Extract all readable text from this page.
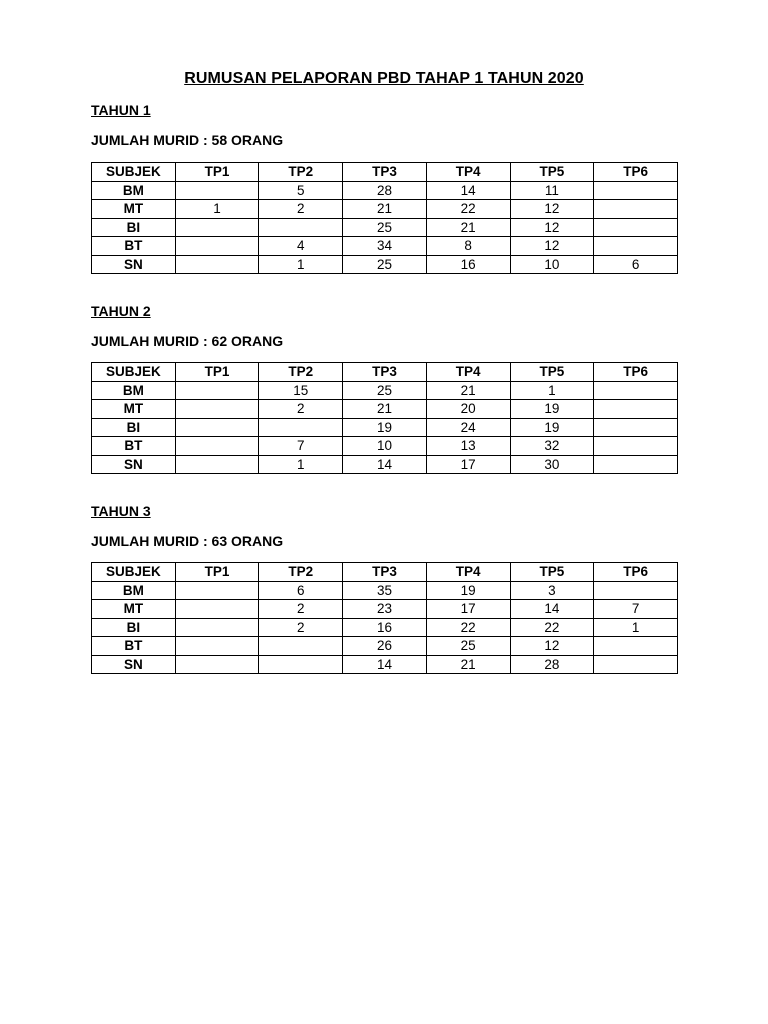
RUMUSAN PELAPORAN PBD TAHAP 1 TAHUN 2020
TAHUN 1
JUMLAH MURID : 58 ORANG
SUBJEK	TP1	TP2	TP3	TP4	TP5	TP6
BM		5	28	14	11	
MT	1	2	21	22	12	
BI			25	21	12	
BT		4	34	8	12	
SN		1	25	16	10	6
TAHUN 2
JUMLAH MURID : 62 ORANG
SUBJEK	TP1	TP2	TP3	TP4	TP5	TP6
BM		15	25	21	1	
MT		2	21	20	19	
BI			19	24	19	
BT		7	10	13	32	
SN		1	14	17	30	
TAHUN 3
JUMLAH MURID : 63 ORANG
SUBJEK	TP1	TP2	TP3	TP4	TP5	TP6
BM		6	35	19	3	
MT		2	23	17	14	7
BI		2	16	22	22	1
BT			26	25	12	
SN			14	21	28	
